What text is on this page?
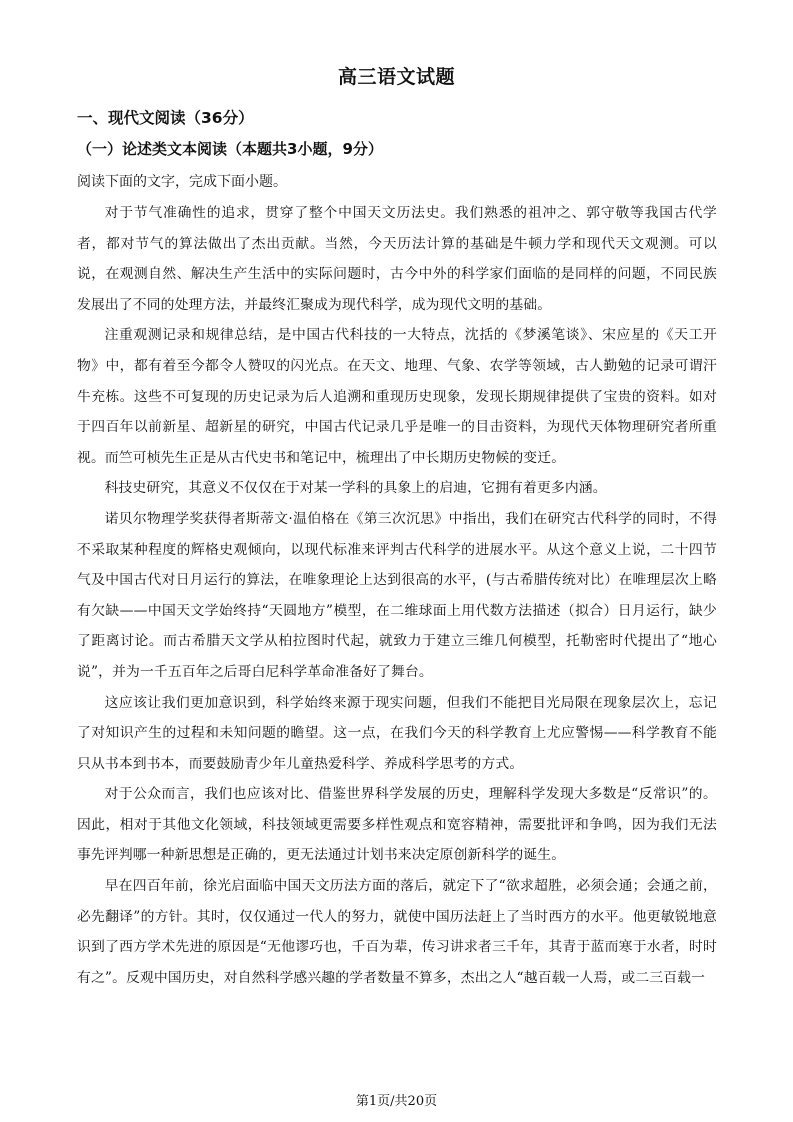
高三语文试题
一、现代文阅读（36分）
（一）论述类文本阅读（本题共3小题，9分）
阅读下面的文字，完成下面小题。

对于节气准确性的追求，贯穿了整个中国天文历法史。我们熟悉的祖冲之、郭守敬等我国古代学者，都对节气的算法做出了杰出贡献。当然，今天历法计算的基础是牛顿力学和现代天文观测。可以说，在观测自然、解决生产生活中的实际问题时，古今中外的科学家们面临的是同样的问题，不同民族发展出了不同的处理方法，并最终汇聚成为现代科学，成为现代文明的基础。

注重观测记录和规律总结，是中国古代科技的一大特点，沈括的《梦溪笔谈》、宋应星的《天工开物》中，都有着至今都令人赞叹的闪光点。在天文、地理、气象、农学等领域，古人勤勉的记录可谓汗牛充栋。这些不可复现的历史记录为后人追溯和重现历史现象，发现长期规律提供了宝贵的资料。如对于四百年以前新星、超新星的研究，中国古代记录几乎是唯一的目击资料，为现代天体物理研究者所重视。而竺可桢先生正是从古代史书和笔记中，梳理出了中长期历史物候的变迁。

科技史研究，其意义不仅仅在于对某一学科的具象上的启迪，它拥有着更多内涵。

诺贝尔物理学奖获得者斯蒂文·温伯格在《第三次沉思》中指出，我们在研究古代科学的同时，不得不采取某种程度的辉格史观倾向，以现代标准来评判古代科学的进展水平。从这个意义上说，二十四节气及中国古代对日月运行的算法，在唯象理论上达到很高的水平，(与古希腊传统对比）在唯理层次上略有欠缺——中国天文学始终持“天圆地方”模型，在二维球面上用代数方法描述（拟合）日月运行，缺少了距离讨论。而古希腊天文学从柏拉图时代起，就致力于建立三维几何模型，托勒密时代提出了“地心说”，并为一千五百年之后哥白尼科学革命准备好了舞台。

这应该让我们更加意识到，科学始终来源于现实问题，但我们不能把目光局限在现象层次上，忘记了对知识产生的过程和未知问题的瞻望。这一点，在我们今天的科学教育上尤应警惕——科学教育不能只从书本到书本，而要鼓励青少年儿童热爱科学、养成科学思考的方式。

对于公众而言，我们也应该对比、借鉴世界科学发展的历史，理解科学发现大多数是“反常识”的。因此，相对于其他文化领域，科技领域更需要多样性观点和宽容精神，需要批评和争鸣，因为我们无法事先评判哪一种新思想是正确的，更无法通过计划书来决定原创新科学的诞生。

早在四百年前，徐光启面临中国天文历法方面的落后，就定下了“欲求超胜，必须会通；会通之前，必先翻译”的方针。其时，仅仅通过一代人的努力，就使中国历法赶上了当时西方的水平。他更敏锐地意识到了西方学术先进的原因是“无他谬巧也，千百为辈，传习讲求者三千年，其青于蓝而寒于水者，时时有之”。反观中国历史，对自然科学感兴趣的学者数量不算多，杰出之人“越百载一人焉，或二三百载一

第1页/共20页
